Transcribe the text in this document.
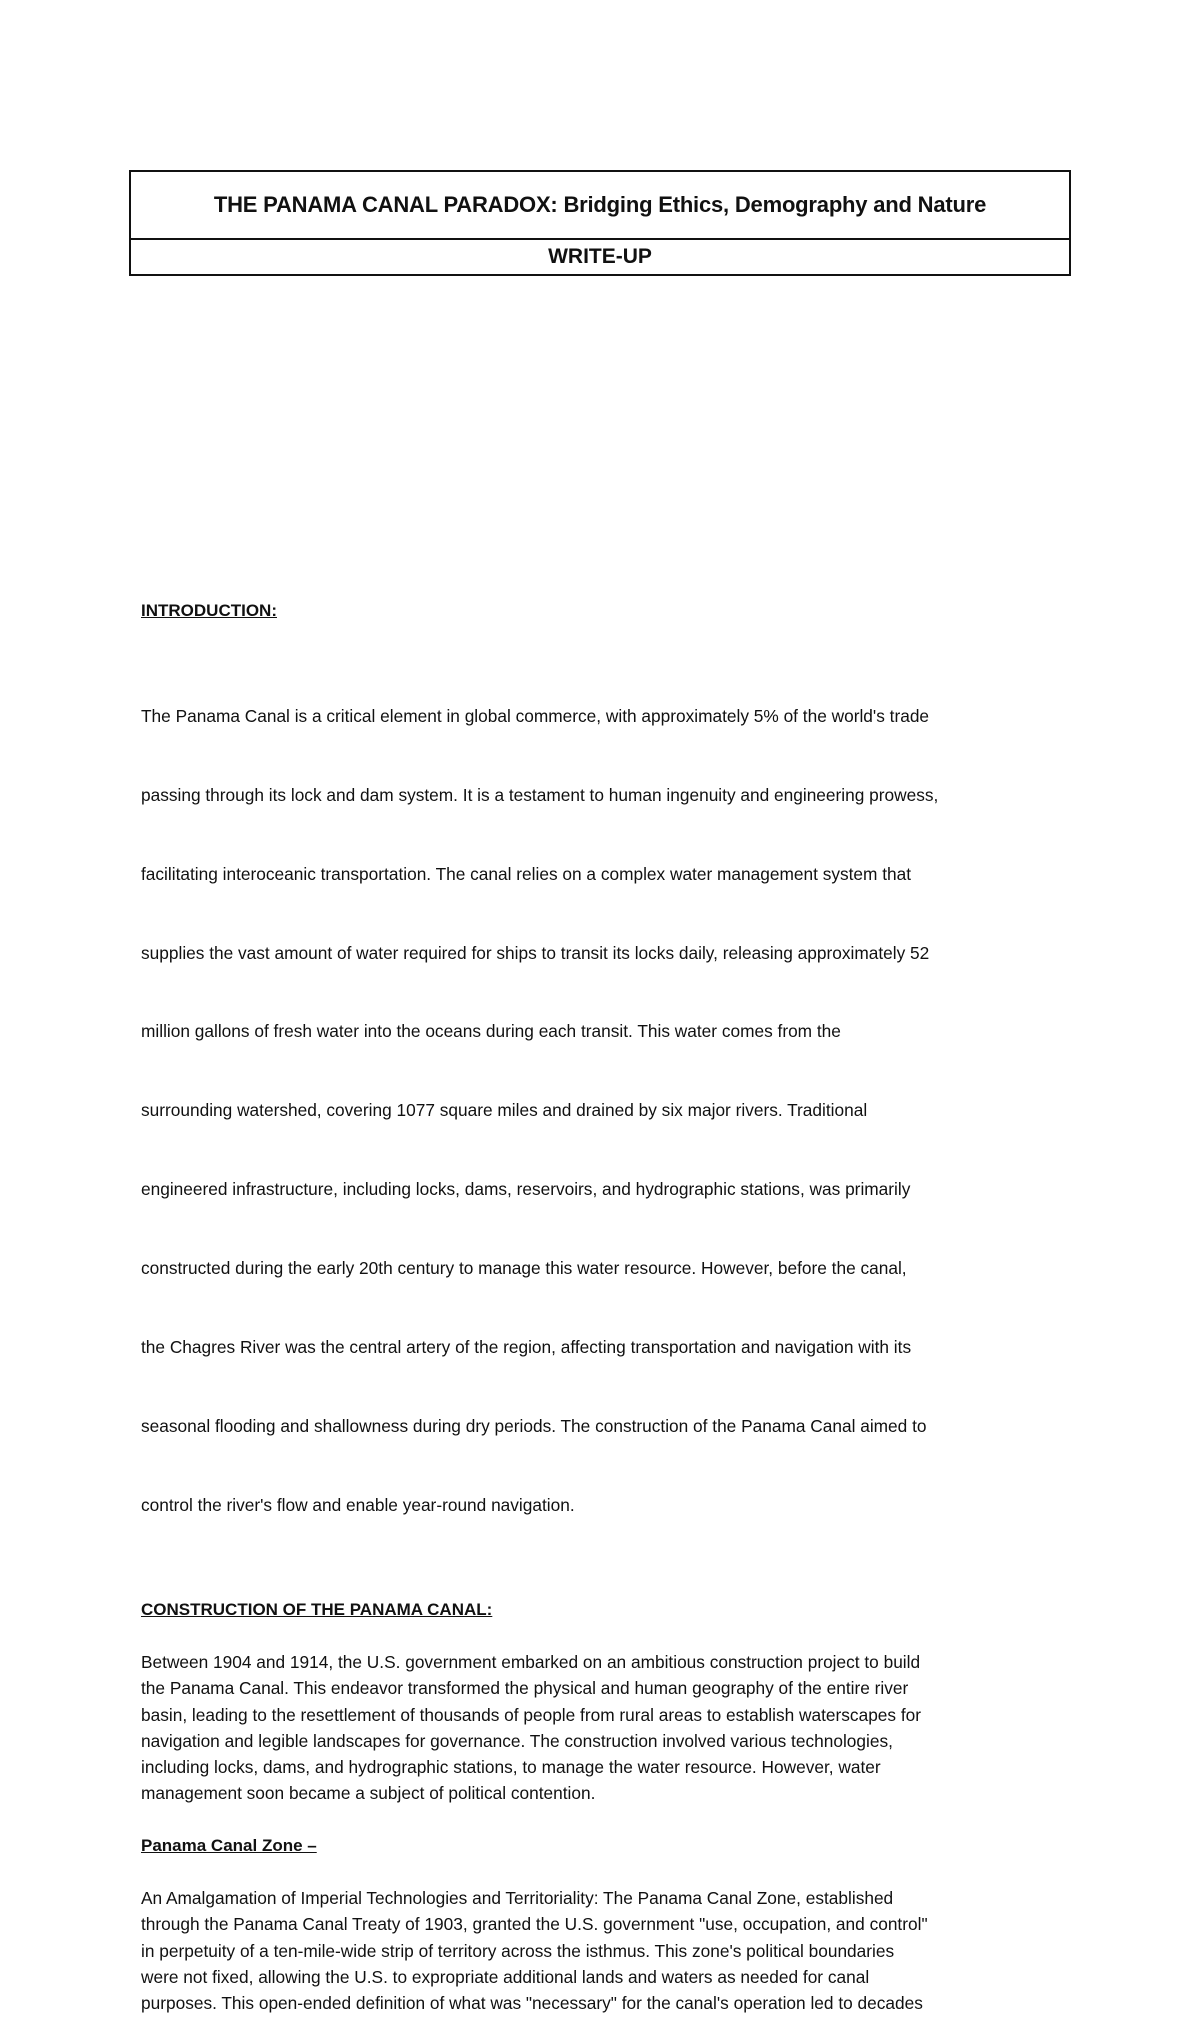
THE PANAMA CANAL PARADOX: Bridging Ethics, Demography and Nature
WRITE-UP

INTRODUCTION:

The Panama Canal is a critical element in global commerce, with approximately 5% of the world's trade

passing through its lock and dam system. It is a testament to human ingenuity and engineering prowess,

facilitating interoceanic transportation. The canal relies on a complex water management system that

supplies the vast amount of water required for ships to transit its locks daily, releasing approximately 52

million gallons of fresh water into the oceans during each transit. This water comes from the

surrounding watershed, covering 1077 square miles and drained by six major rivers. Traditional

engineered infrastructure, including locks, dams, reservoirs, and hydrographic stations, was primarily

constructed during the early 20th century to manage this water resource. However, before the canal,

the Chagres River was the central artery of the region, affecting transportation and navigation with its

seasonal flooding and shallowness during dry periods. The construction of the Panama Canal aimed to

control the river's flow and enable year-round navigation.

CONSTRUCTION OF THE PANAMA CANAL:

Between 1904 and 1914, the U.S. government embarked on an ambitious construction project to build
the Panama Canal. This endeavor transformed the physical and human geography of the entire river
basin, leading to the resettlement of thousands of people from rural areas to establish waterscapes for
navigation and legible landscapes for governance. The construction involved various technologies,
including locks, dams, and hydrographic stations, to manage the water resource. However, water
management soon became a subject of political contention.

Panama Canal Zone –

An Amalgamation of Imperial Technologies and Territoriality: The Panama Canal Zone, established
through the Panama Canal Treaty of 1903, granted the U.S. government "use, occupation, and control"
in perpetuity of a ten-mile-wide strip of territory across the isthmus. This zone's political boundaries
were not fixed, allowing the U.S. to expropriate additional lands and waters as needed for canal
purposes. This open-ended definition of what was "necessary" for the canal's operation led to decades
